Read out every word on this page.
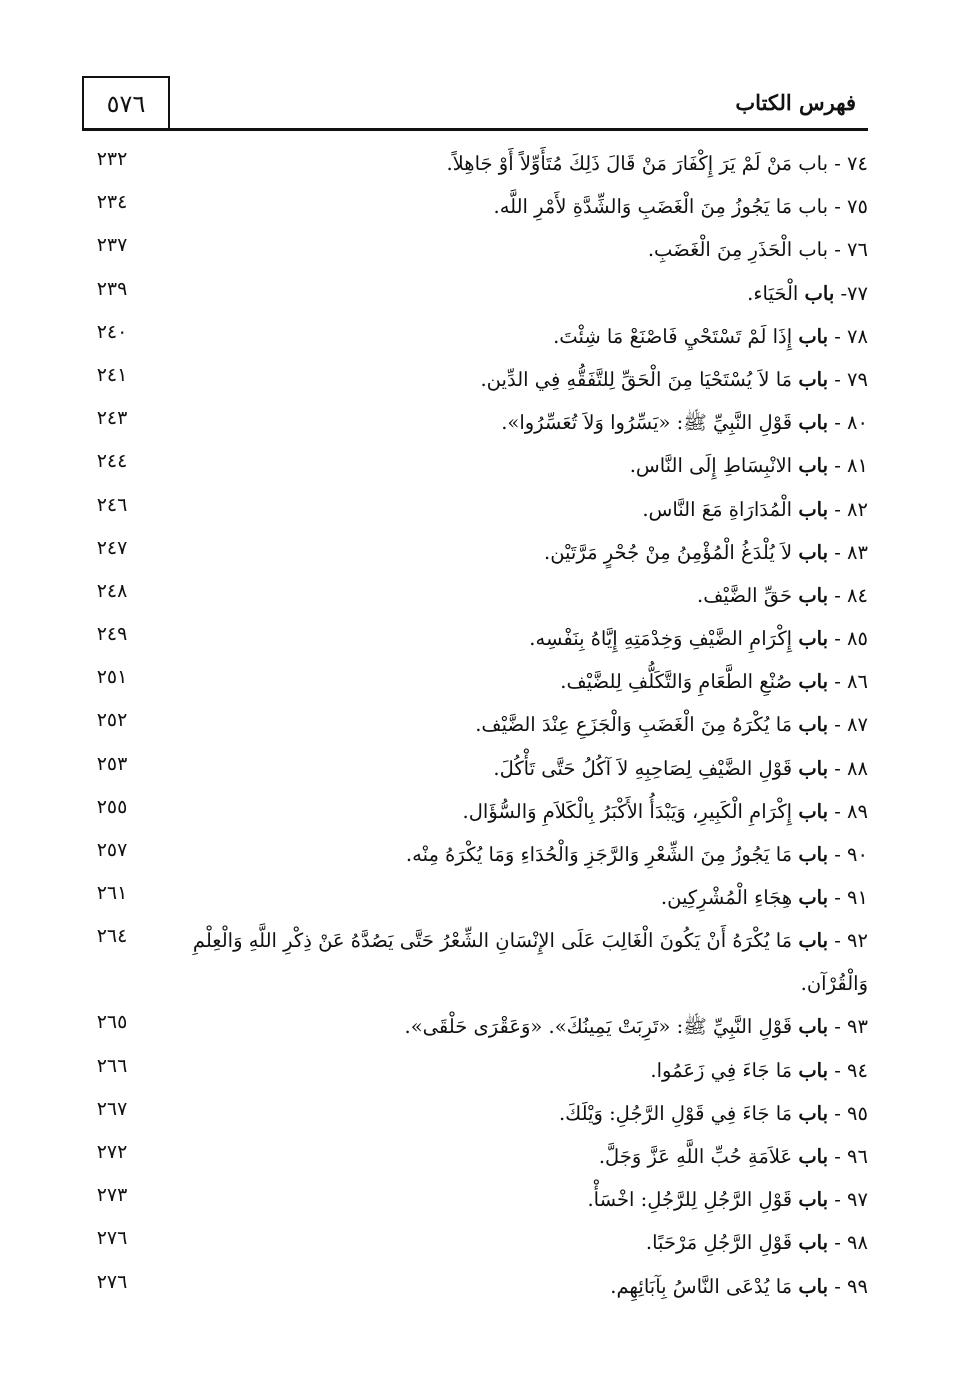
٥٧٦	فهرس الكتاب
٧٤ - باب مَنْ لَمْ يَرَ إِكْفَارَ مَنْ قَالَ ذَلِكَ مُتَأَوِّلاً أَوْ جَاهِلاً.
٢٣٢
٧٥ - باب مَا يَجُوزُ مِنَ الْغَضَبِ وَالشِّدَّةِ لأَمْرِ اللَّه.
٢٣٤
٧٦ - باب الْحَذَرِ مِنَ الْغَضَبِ.
٢٣٧
٧٧- باب الْحَيَاء.
٢٣٩
٧٨ - باب إِذَا لَمْ تَسْتَحْيِ فَاصْنَعْ مَا شِئْتَ.
٢٤٠
٧٩ - باب مَا لاَ يُسْتَحْيَا مِنَ الْحَقِّ لِلتَّفَقُّهِ فِي الدِّين.
٢٤١
٨٠ - باب قَوْلِ النَّبِيِّ ﷺ: «يَسِّرُوا وَلاَ تُعَسِّرُوا».
٢٤٣
٨١ - باب الانْبِسَاطِ إِلَى النَّاس.
٢٤٤
٨٢ - باب الْمُدَارَاةِ مَعَ النَّاس.
٢٤٦
٨٣ - باب لاَ يُلْدَغُ الْمُؤْمِنُ مِنْ جُحْرٍ مَرَّتَيْن.
٢٤٧
٨٤ - باب حَقِّ الضَّيْف.
٢٤٨
٨٥ - باب إِكْرَامِ الضَّيْفِ وَخِدْمَتِهِ إِيَّاهُ بِنَفْسِه.
٢٤٩
٨٦ - باب صُنْعِ الطَّعَامِ وَالتَّكَلُّفِ لِلضَّيْف.
٢٥١
٨٧ - باب مَا يُكْرَهُ مِنَ الْغَضَبِ وَالْجَزَعِ عِنْدَ الضَّيْف.
٢٥٢
٨٨ - باب قَوْلِ الضَّيْفِ لِصَاحِبِهِ لاَ آكُلُ حَتَّى تَأْكُلَ.
٢٥٣
٨٩ - باب إِكْرَامِ الْكَبِيرِ، وَيَبْدَأُ الأَكْبَرُ بِالْكَلاَمِ وَالسُّؤَال.
٢٥٥
٩٠ - باب مَا يَجُوزُ مِنَ الشِّعْرِ وَالرَّجَزِ وَالْحُدَاءِ وَمَا يُكْرَهُ مِنْه.
٢٥٧
٩١ - باب هِجَاءِ الْمُشْرِكِين.
٢٦١
٩٢ - باب مَا يُكْرَهُ أَنْ يَكُونَ الْغَالِبَ عَلَى الإِنْسَانِ الشِّعْرُ حَتَّى يَصُدَّهُ عَنْ ذِكْرِ اللَّهِ وَالْعِلْمِ وَالْقُرْآن.
٢٦٤
٩٣ - باب قَوْلِ النَّبِيِّ ﷺ: «تَرِبَتْ يَمِينُكَ». «وَعَقْرَى حَلْقَى».
٢٦٥
٩٤ - باب مَا جَاءَ فِي زَعَمُوا.
٢٦٦
٩٥ - باب مَا جَاءَ فِي قَوْلِ الرَّجُلِ: وَيْلَكَ.
٢٦٧
٩٦ - باب عَلاَمَةِ حُبِّ اللَّهِ عَزَّ وَجَلَّ.
٢٧٢
٩٧ - باب قَوْلِ الرَّجُلِ لِلرَّجُلِ: اخْسَأْ.
٢٧٣
٩٨ - باب قَوْلِ الرَّجُلِ مَرْحَبًا.
٢٧٦
٩٩ - باب مَا يُدْعَى النَّاسُ بِآبَائِهِم.
٢٧٦
